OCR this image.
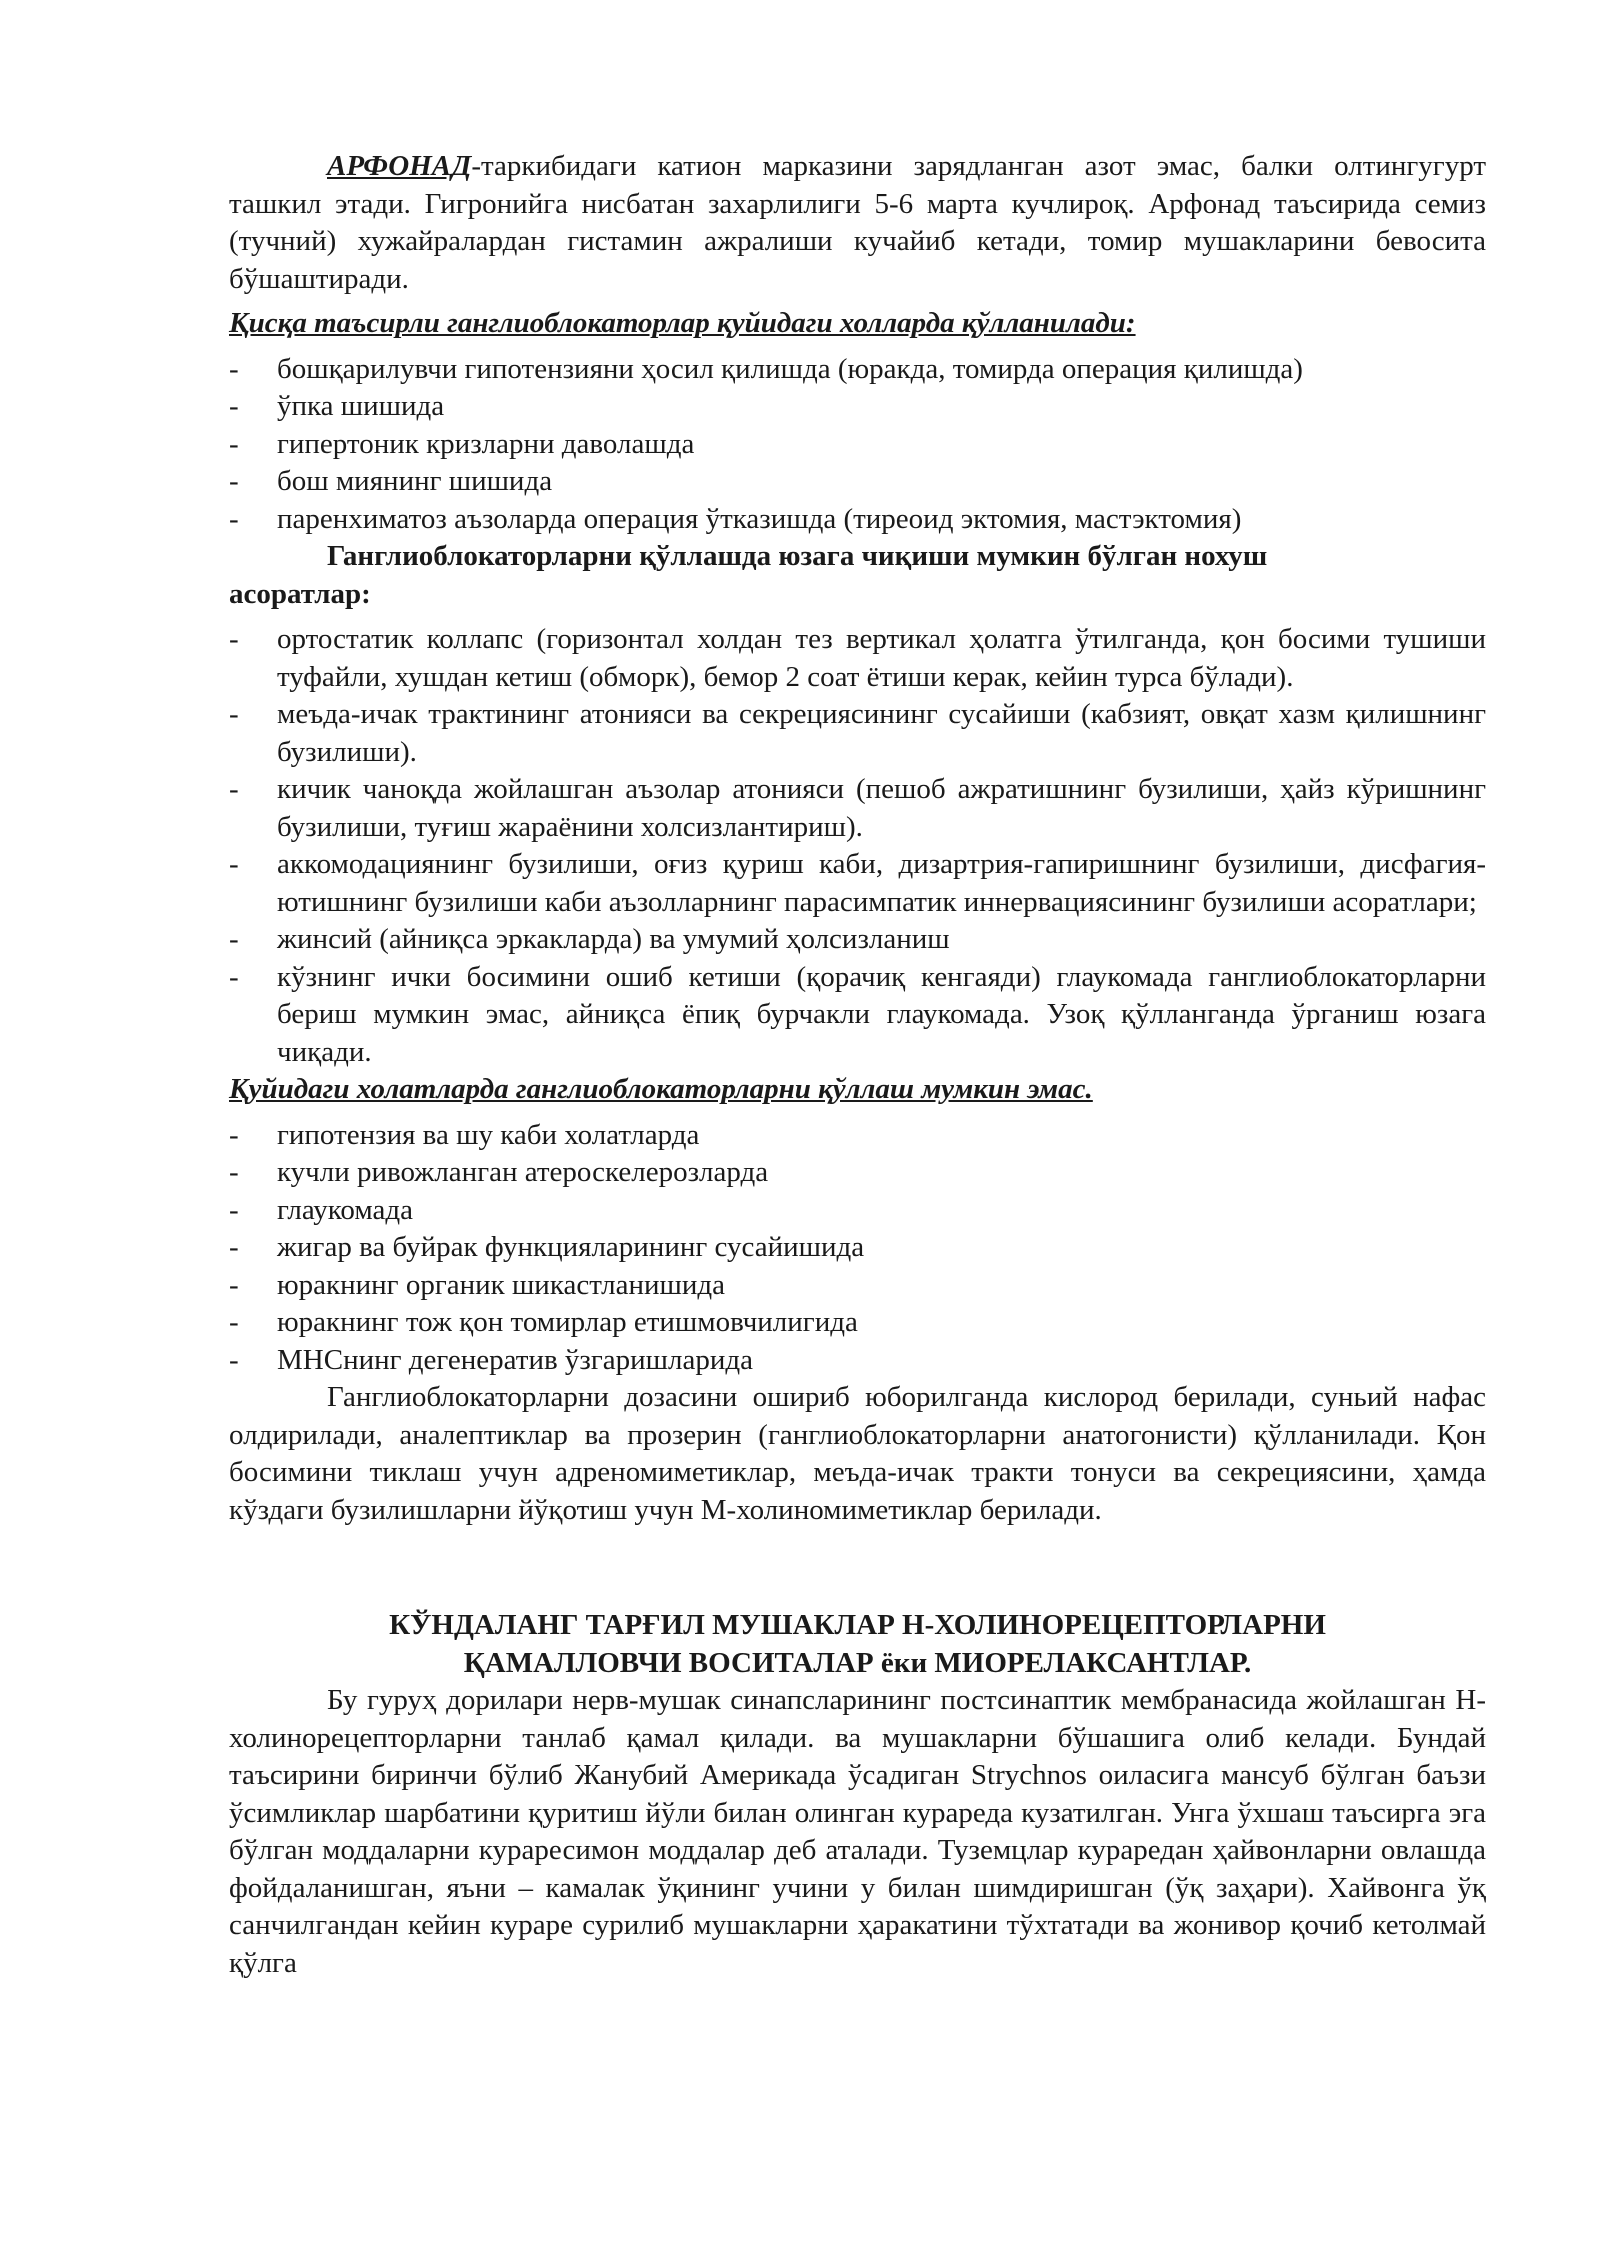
АРФОНАД-таркибидаги катион марказини зарядланган азот эмас, балки олтингугурт ташкил этади. Гигронийга нисбатан захарлилиги 5-6 марта кучлироқ. Арфонад таъсирида семиз (тучний) хужайралардан гистамин ажралиши кучайиб кетади, томир мушакларини бевосита бўшаштиради.

Қисқа таъсирли ганглиоблокаторлар қуйидаги холларда қўлланилади:

- бошқарилувчи гипотензияни ҳосил қилишда (юракда, томирда операция қилишда)
- ўпка шишида
- гипертоник кризларни даволашда
- бош миянинг шишида
- паренхиматоз аъзоларда операция ўтказишда (тиреоид эктомия, мастэктомия)

Ганглиоблокаторларни қўллашда юзага чиқиши мумкин бўлган нохуш
асоратлар:

- ортостатик коллапс (горизонтал холдан тез вертикал ҳолатга ўтилганда, қон босими тушиши туфайли, хушдан кетиш (обморк), бемор 2 соат ётиши керак, кейин турса бўлади).
- меъда-ичак трактининг атонияси ва секрециясининг сусайиши (кабзият, овқат хазм қилишнинг бузилиши).
- кичик чаноқда жойлашган аъзолар атонияси (пешоб ажратишнинг бузилиши, ҳайз кўришнинг бузилиши, туғиш жараёнини холсизлантириш).
- аккомодациянинг бузилиши, оғиз қуриш каби, дизартрия-гапиришнинг бузилиши, дисфагия-ютишнинг бузилиши каби аъзолларнинг парасимпатик иннервациясининг бузилиши асоратлари;
- жинсий (айниқса эркакларда) ва умумий ҳолсизланиш
- кўзнинг ички босимини ошиб кетиши (қорачиқ кенгаяди) глаукомада ганглиоблокаторларни бериш мумкин эмас, айниқса ёпиқ бурчакли глаукомада. Узоқ қўлланганда ўрганиш юзага чиқади.

Қуйидаги холатларда ганглиоблокаторларни қўллаш мумкин эмас.

- гипотензия ва шу каби холатларда
- кучли ривожланган атероскелерозларда
- глаукомада
- жигар ва буйрак функцияларининг сусайишида
- юракнинг органик шикастланишида
- юракнинг тож қон томирлар етишмовчилигида
- МНСнинг дегенератив ўзгаришларида

Ганглиоблокаторларни дозасини ошириб юборилганда кислород берилади, суньий нафас олдирилади, аналептиклар ва прозерин (ганглиоблокаторларни анатогонисти) қўлланилади. Қон босимини тиклаш учун адреномиметиклар, меъда-ичак тракти тонуси ва секрециясини, ҳамда кўздаги бузилишларни йўқотиш учун М-холиномиметиклар берилади.

КЎНДАЛАНГ ТАРҒИЛ МУШАКЛАР Н-ХОЛИНОРЕЦЕПТОРЛАРНИ
ҚАМАЛЛОВЧИ ВОСИТАЛАР ёки МИОРЕЛАКСАНТЛАР.

Бу гуруҳ дорилари нерв-мушак синапсларининг постсинаптик мембранасида жойлашган Н-холинорецепторларни танлаб қамал қилади. ва мушакларни бўшашига олиб келади. Бундай таъсирини биринчи бўлиб Жанубий Америкада ўсадиган Strychnos оиласига мансуб бўлган баъзи ўсимликлар шарбатини қуритиш йўли билан олинган курареда кузатилган. Унга ўхшаш таъсирга эга бўлган моддаларни кураресимон моддалар деб аталади. Туземцлар кураредан ҳайвонларни овлашда фойдаланишган, яъни – камалак ўқининг учини у билан шимдиришган (ўқ заҳари). Хайвонга ўқ санчилгандан кейин кураре сурилиб мушакларни ҳаракатини тўхтатади ва жонивор қочиб кетолмай қўлга
